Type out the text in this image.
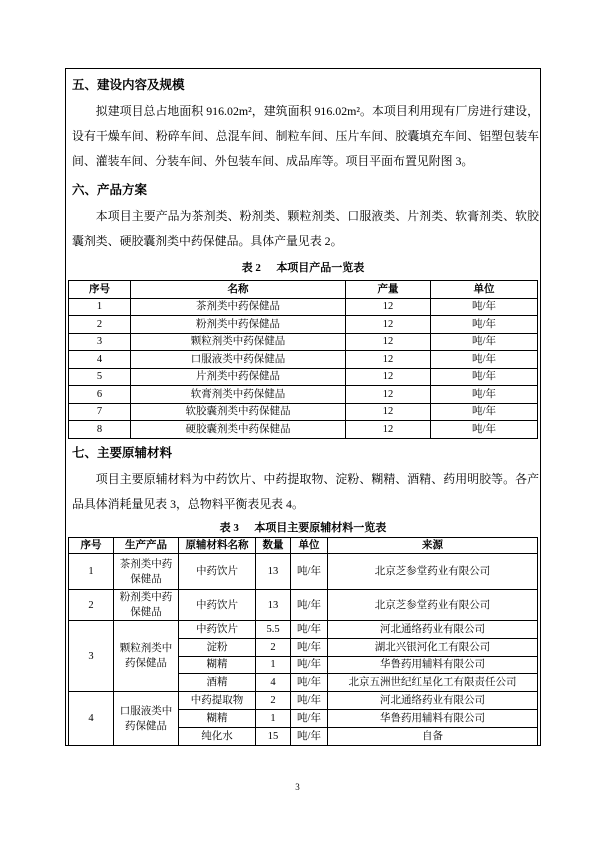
五、建设内容及规模

拟建项目总占地面积 916.02m²，建筑面积 916.02m²。本项目利用现有厂房进行建设，设有干燥车间、粉碎车间、总混车间、制粒车间、压片车间、胶囊填充车间、铝塑包装车间、灌装车间、分装车间、外包装车间、成品库等。项目平面布置见附图 3。

六、产品方案

本项目主要产品为茶剂类、粉剂类、颗粒剂类、口服液类、片剂类、软膏剂类、软胶囊剂类、硬胶囊剂类中药保健品。具体产量见表 2。

表 2 本项目产品一览表
序号	名称	产量	单位
1	茶剂类中药保健品	12	吨/年
2	粉剂类中药保健品	12	吨/年
3	颗粒剂类中药保健品	12	吨/年
4	口服液类中药保健品	12	吨/年
5	片剂类中药保健品	12	吨/年
6	软膏剂类中药保健品	12	吨/年
7	软胶囊剂类中药保健品	12	吨/年
8	硬胶囊剂类中药保健品	12	吨/年
七、主要原辅材料

项目主要原辅材料为中药饮片、中药提取物、淀粉、糊精、酒精、药用明胶等。各产品具体消耗量见表 3，总物料平衡表见表 4。

表 3 本项目主要原辅材料一览表
序号	生产产品	原辅材料名称	数量	单位	来源
1	茶剂类中药保健品	中药饮片	13	吨/年	北京芝参堂药业有限公司
2	粉剂类中药保健品	中药饮片	13	吨/年	北京芝参堂药业有限公司
3	颗粒剂类中药保健品	中药饮片	5.5	吨/年	河北通络药业有限公司
		淀粉	2	吨/年	湖北兴银河化工有限公司
		糊精	1	吨/年	华鲁药用辅料有限公司
		酒精	4	吨/年	北京五洲世纪红星化工有限责任公司
4	口服液类中药保健品	中药提取物	2	吨/年	河北通络药业有限公司
		糊精	1	吨/年	华鲁药用辅料有限公司
		纯化水	15	吨/年	自备
3
